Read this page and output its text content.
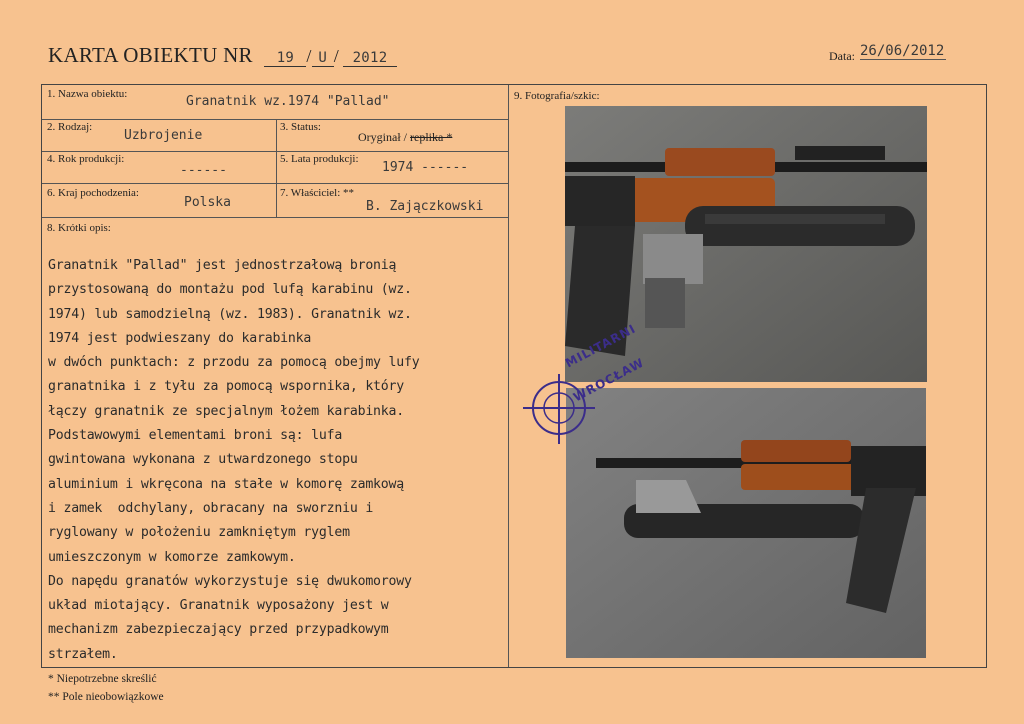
KARTA OBIEKTU NR 19 / U / 2012	Data: 26/06/2012
1. Nazwa obiektu:	Granatnik wz.1974 "Pallad"
2. Rodzaj:
Uzbrojenie
3. Status:
Oryginał / replika *
4. Rok produkcji:
------
5. Lata produkcji:
1974 ------
6. Kraj pochodzenia:
Polska
7. Właściciel: **
B. Zajączkowski
8. Krótki opis:
9. Fotografia/szkic:
Granatnik "Pallad" jest jednostrzałową bronią
przystosowaną do montażu pod lufą karabinu (wz.
1974) lub samodzielną (wz. 1983). Granatnik wz.
1974 jest podwieszany do karabinka
w dwóch punktach: z przodu za pomocą obejmy lufy
granatnika i z tyłu za pomocą wspornika, który
łączy granatnik ze specjalnym łożem karabinka.
Podstawowymi elementami broni są: lufa
gwintowana wykonana z utwardzonego stopu
aluminium i wkręcona na stałe w komorę zamkową
i zamek  odchylany, obracany na sworzniu i
ryglowany w położeniu zamkniętym ryglem
umieszczonym w komorze zamkowym.
Do napędu granatów wykorzystuje się dwukomorowy
układ miotający. Granatnik wyposażony jest w
mechanizm zabezpieczający przed przypadkowym
strzałem.
MILITARNI
WROCŁAW
* Niepotrzebne skreślić
** Pole nieobowiązkowe
